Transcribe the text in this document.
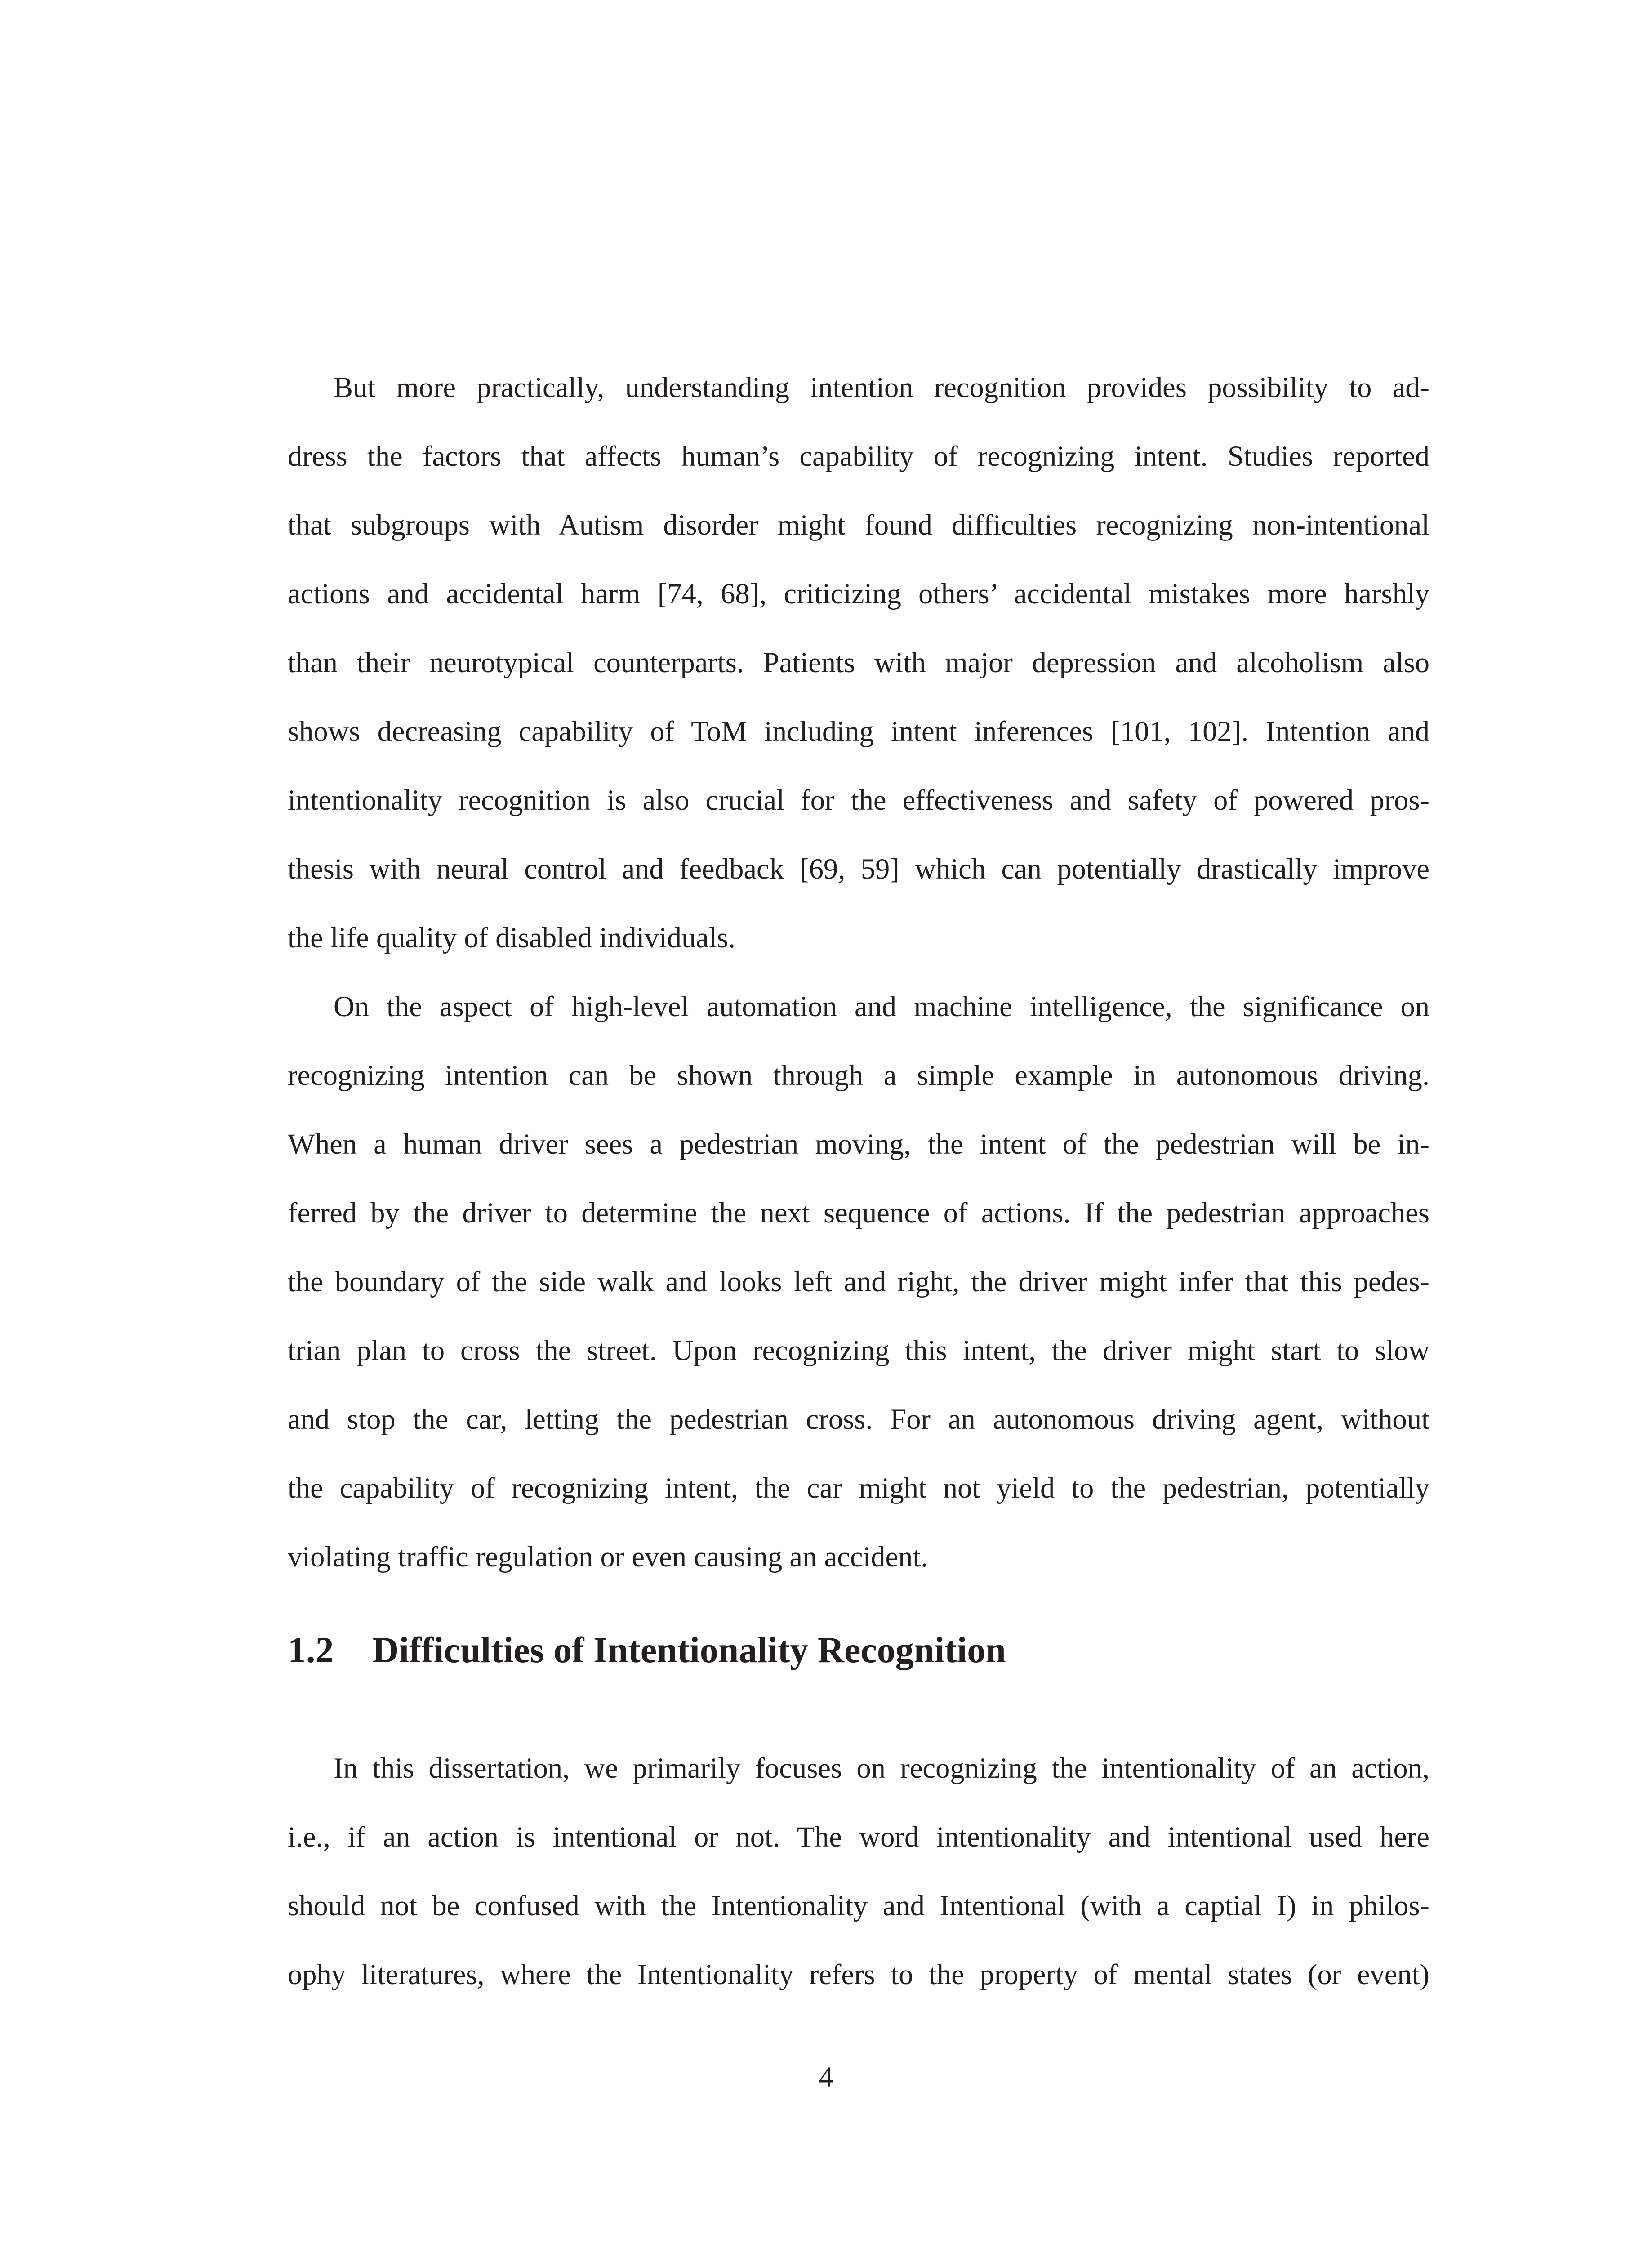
But more practically, understanding intention recognition provides possibility to ad-
dress the factors that affects human’s capability of recognizing intent. Studies reported
that subgroups with Autism disorder might found difficulties recognizing non-intentional
actions and accidental harm [74, 68], criticizing others’ accidental mistakes more harshly
than their neurotypical counterparts. Patients with major depression and alcoholism also
shows decreasing capability of ToM including intent inferences [101, 102]. Intention and
intentionality recognition is also crucial for the effectiveness and safety of powered pros-
thesis with neural control and feedback [69, 59] which can potentially drastically improve
the life quality of disabled individuals.
On the aspect of high-level automation and machine intelligence, the significance on
recognizing intention can be shown through a simple example in autonomous driving.
When a human driver sees a pedestrian moving, the intent of the pedestrian will be in-
ferred by the driver to determine the next sequence of actions. If the pedestrian approaches
the boundary of the side walk and looks left and right, the driver might infer that this pedes-
trian plan to cross the street. Upon recognizing this intent, the driver might start to slow
and stop the car, letting the pedestrian cross. For an autonomous driving agent, without
the capability of recognizing intent, the car might not yield to the pedestrian, potentially
violating traffic regulation or even causing an accident.
1.2 Difficulties of Intentionality Recognition
In this dissertation, we primarily focuses on recognizing the intentionality of an action,
i.e., if an action is intentional or not. The word intentionality and intentional used here
should not be confused with the Intentionality and Intentional (with a captial I) in philos-
ophy literatures, where the Intentionality refers to the property of mental states (or event)
4
